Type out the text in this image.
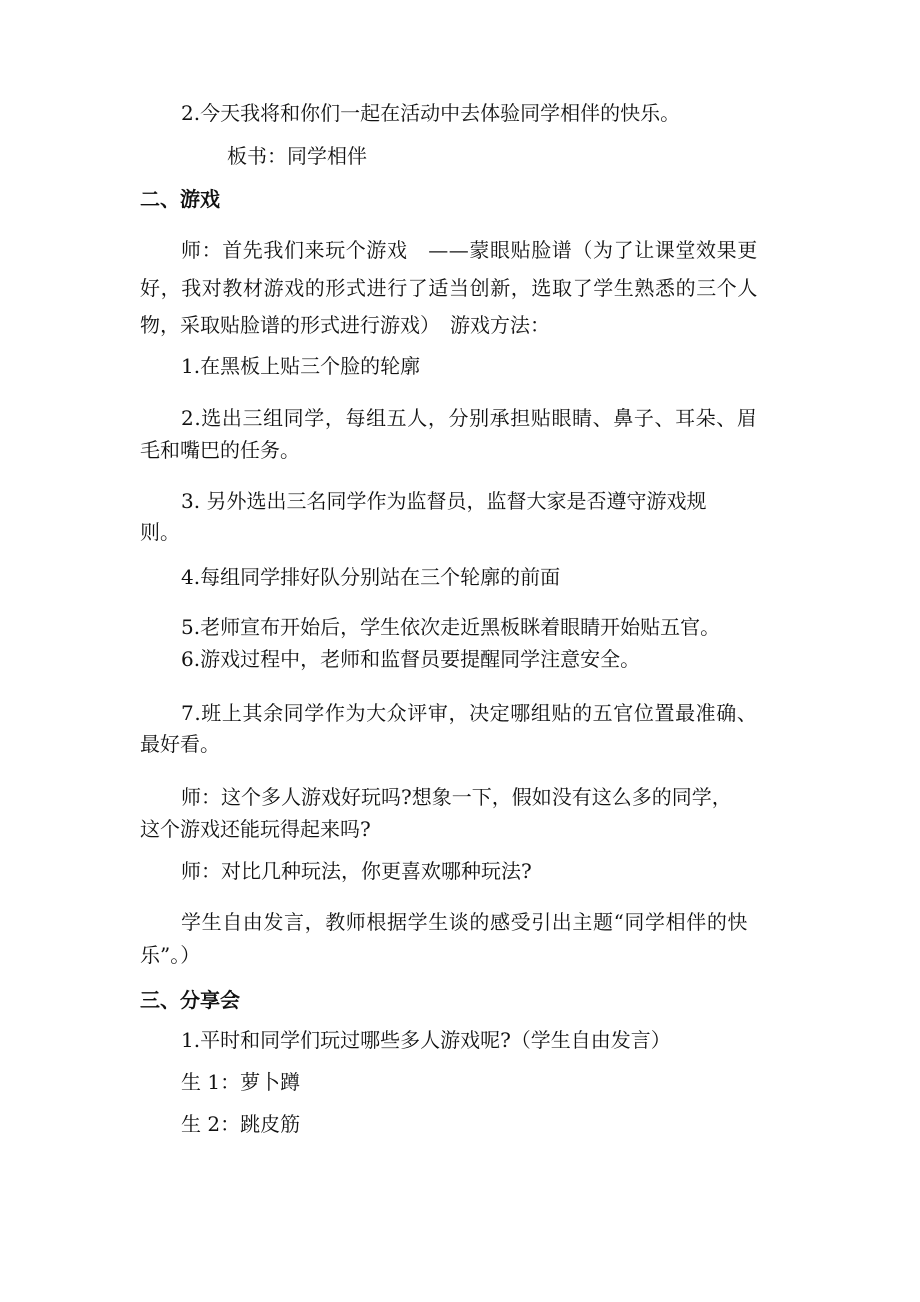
2.今天我将和你们一起在活动中去体验同学相伴的快乐。
板书：同学相伴
二、游戏
师：首先我们来玩个游戏　——蒙眼贴脸谱（为了让课堂效果更
好，我对教材游戏的形式进行了适当创新，选取了学生熟悉的三个人
物，采取贴脸谱的形式进行游戏）　游戏方法：
1.在黑板上贴三个脸的轮廓
2.选出三组同学，每组五人，分别承担贴眼睛、鼻子、耳朵、眉
毛和嘴巴的任务。
3. 另外选出三名同学作为监督员，监督大家是否遵守游戏规
则。
4.每组同学排好队分别站在三个轮廓的前面
5.老师宣布开始后，学生依次走近黑板眯着眼睛开始贴五官。
6.游戏过程中，老师和监督员要提醒同学注意安全。
7.班上其余同学作为大众评审，决定哪组贴的五官位置最准确、
最好看。
师：这个多人游戏好玩吗?想象一下，假如没有这么多的同学，
这个游戏还能玩得起来吗?
师：对比几种玩法，你更喜欢哪种玩法?
学生自由发言，教师根据学生谈的感受引出主题“同学相伴的快
乐”。）
三、分享会
1.平时和同学们玩过哪些多人游戏呢?（学生自由发言）
生 1：萝卜蹲
生 2：跳皮筋
